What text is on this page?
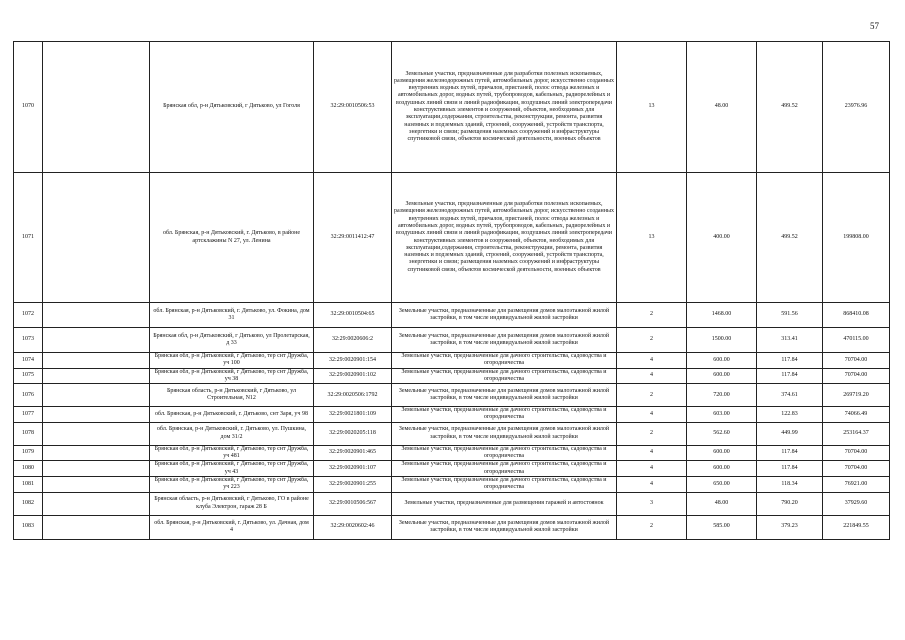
57
1070		Брянская обл, р-н Дятьковский, г Дятьково, ул Гоголя	32:29:0010506:53	Земельные участки, предназначенные для разработки полезных ископаемых, размещения железнодорожных путей, автомобильных дорог, искусственно созданных внутренних водных путей, причалов, пристаней, полос отвода железных и автомобильных дорог, водных путей, трубопроводов, кабельных, радиорелейных и воздушных линий связи и линий радиофикации, воздушных линий электропередачи конструктивных элементов и сооружений, объектов, необходимых для эксплуатации,содержания, строительства, реконструкции, ремонта, развития наземных и подземных зданий, строений, сооружений, устройств транспорта, энергетики и связи; размещения наземных сооружений и инфраструктуры спутниковой связи, объектов космической деятельности, военных объектов	13	48.00	499.52	23976.96
1071		обл. Брянская, р-н Дятьковский, г. Дятьково, в районе артсклажины N 27, ул. Ленина	32:29:0011412:47	Земельные участки, предназначенные для разработки полезных ископаемых, размещения железнодорожных путей, автомобильных дорог, искусственно созданных внутренних водных путей, причалов, пристаней, полос отвода железных и автомобильных дорог, водных путей, трубопроводов, кабельных, радиорелейных и воздушных линий связи и линий радиофикации, воздушных линий электропередачи конструктивных элементов и сооружений, объектов, необходимых для эксплуатации,содержания, строительства, реконструкции, ремонта, развития наземных и подземных зданий, строений, сооружений, устройств транспорта, энергетики и связи; размещения наземных сооружений и инфраструктуры спутниковой связи, объектов космической деятельности, военных объектов	13	400.00	499.52	199808.00
1072		обл. Брянская, р-н Дятьковский, г. Дятьково, ул. Фокина, дом 31	32:29:0010504:65	Земельные участки, предназначенные для размещения домов малоэтажной жилой застройки, в том числе индивидуальной жилой застройки	2	1468.00	591.56	868410.08
1073		Брянская обл, р-н Дятьковский, г Дятьково, ул Пролетарская, д 33	32:29:0020606:2	Земельные участки, предназначенные для размещения домов малоэтажной жилой застройки, в том числе индивидуальной жилой застройки	2	1500.00	313.41	470115.00
1074		Брянская обл, р-н Дятьковский, г Дятьково, тер снт Дружба, уч 100	32:29:0020901:154	Земельные участки, предназначенные для дачного строительства, садоводства и огородничества	4	600.00	117.84	70704.00
1075		Брянская обл, р-н Дятьковский, г Дятьково, тер снт Дружба, уч 38	32:29:0020901:102	Земельные участки, предназначенные для дачного строительства, садоводства и огородничества	4	600.00	117.84	70704.00
1076		Брянская область, р-н Дятьковский, г Дятьково, ул Строительная, N12	32:29:0020506:1792	Земельные участки, предназначенные для размещения домов малоэтажной жилой застройки, в том числе индивидуальной жилой застройки	2	720.00	374.61	269719.20
1077		обл. Брянская, р-н Дятьковский, г. Дятьково, снт Заря, уч 98	32:29:0021801:109	Земельные участки, предназначенные для дачного строительства, садоводства и огородничества	4	603.00	122.83	74066.49
1078		обл. Брянская, р-н Дятьковский, г. Дятьково, ул. Пушкина, дом 31/2	32:29:0020205:118	Земельные участки, предназначенные для размещения домов малоэтажной жилой застройки, в том числе индивидуальной жилой застройки	2	562.60	449.99	253164.37
1079		Брянская обл, р-н Дятьковский, г Дятьково, тер снт Дружба, уч 481	32:29:0020901:465	Земельные участки, предназначенные для дачного строительства, садоводства и огородничества	4	600.00	117.84	70704.00
1080		Брянская обл, р-н Дятьковский, г Дятьково, тер снт Дружба, уч 43	32:29:0020901:107	Земельные участки, предназначенные для дачного строительства, садоводства и огородничества	4	600.00	117.84	70704.00
1081		Брянская обл, р-н Дятьковский, г Дятьково, тер снт Дружба, уч 223	32:29:0020901:255	Земельные участки, предназначенные для дачного строительства, садоводства и огородничества	4	650.00	118.34	76921.00
1082		Брянская область, р-н Дятьковский, г Дятьково, ГО в районе клуба Электрон, гараж 28 Б	32:29:0010506:567	Земельные участки, предназначенные для размещения гаражей и автостоянок	3	48.00	790.20	37929.60
1083		обл. Брянская, р-н Дятьковский, г. Дятьково, ул. Дачная, дом 4	32:29:0020602:46	Земельные участки, предназначенные для размещения домов малоэтажной жилой застройки, в том числе индивидуальной жилой застройки	2	585.00	379.23	221849.55
